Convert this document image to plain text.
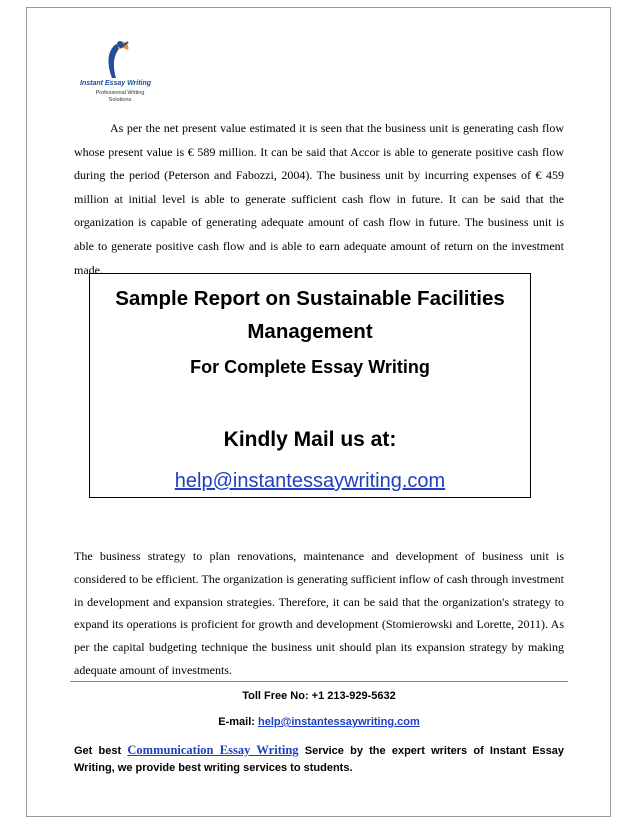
Instant Essay Writing
Professional Writing
Solutions
As per the net present value estimated it is seen that the business unit is generating cash flow whose present value is € 589 million. It can be said that Accor is able to generate positive cash flow during the period (Peterson and Fabozzi, 2004). The business unit by incurring expenses of € 459 million at initial level is able to generate sufficient cash flow in future. It can be said that the organization is capable of generating adequate amount of cash flow in future. The business unit is able to generate positive cash flow and is able to earn adequate amount of return on the investment made.
Sample Report on Sustainable Facilities Management
For Complete Essay Writing
Kindly Mail us at:
help@instantessaywriting.com
The business strategy to plan renovations, maintenance and development of business unit is considered to be efficient. The organization is generating sufficient inflow of cash through investment in development and expansion strategies. Therefore, it can be said that the organization's strategy to expand its operations is proficient for growth and development (Stomierowski and Lorette, 2011). As per the capital budgeting technique the business unit should plan its expansion strategy by making adequate amount of investments.
Toll Free No: +1 213-929-5632
E-mail: help@instantessaywriting.com
Get best Communication Essay Writing Service by the expert writers of Instant Essay Writing, we provide best writing services to students.
